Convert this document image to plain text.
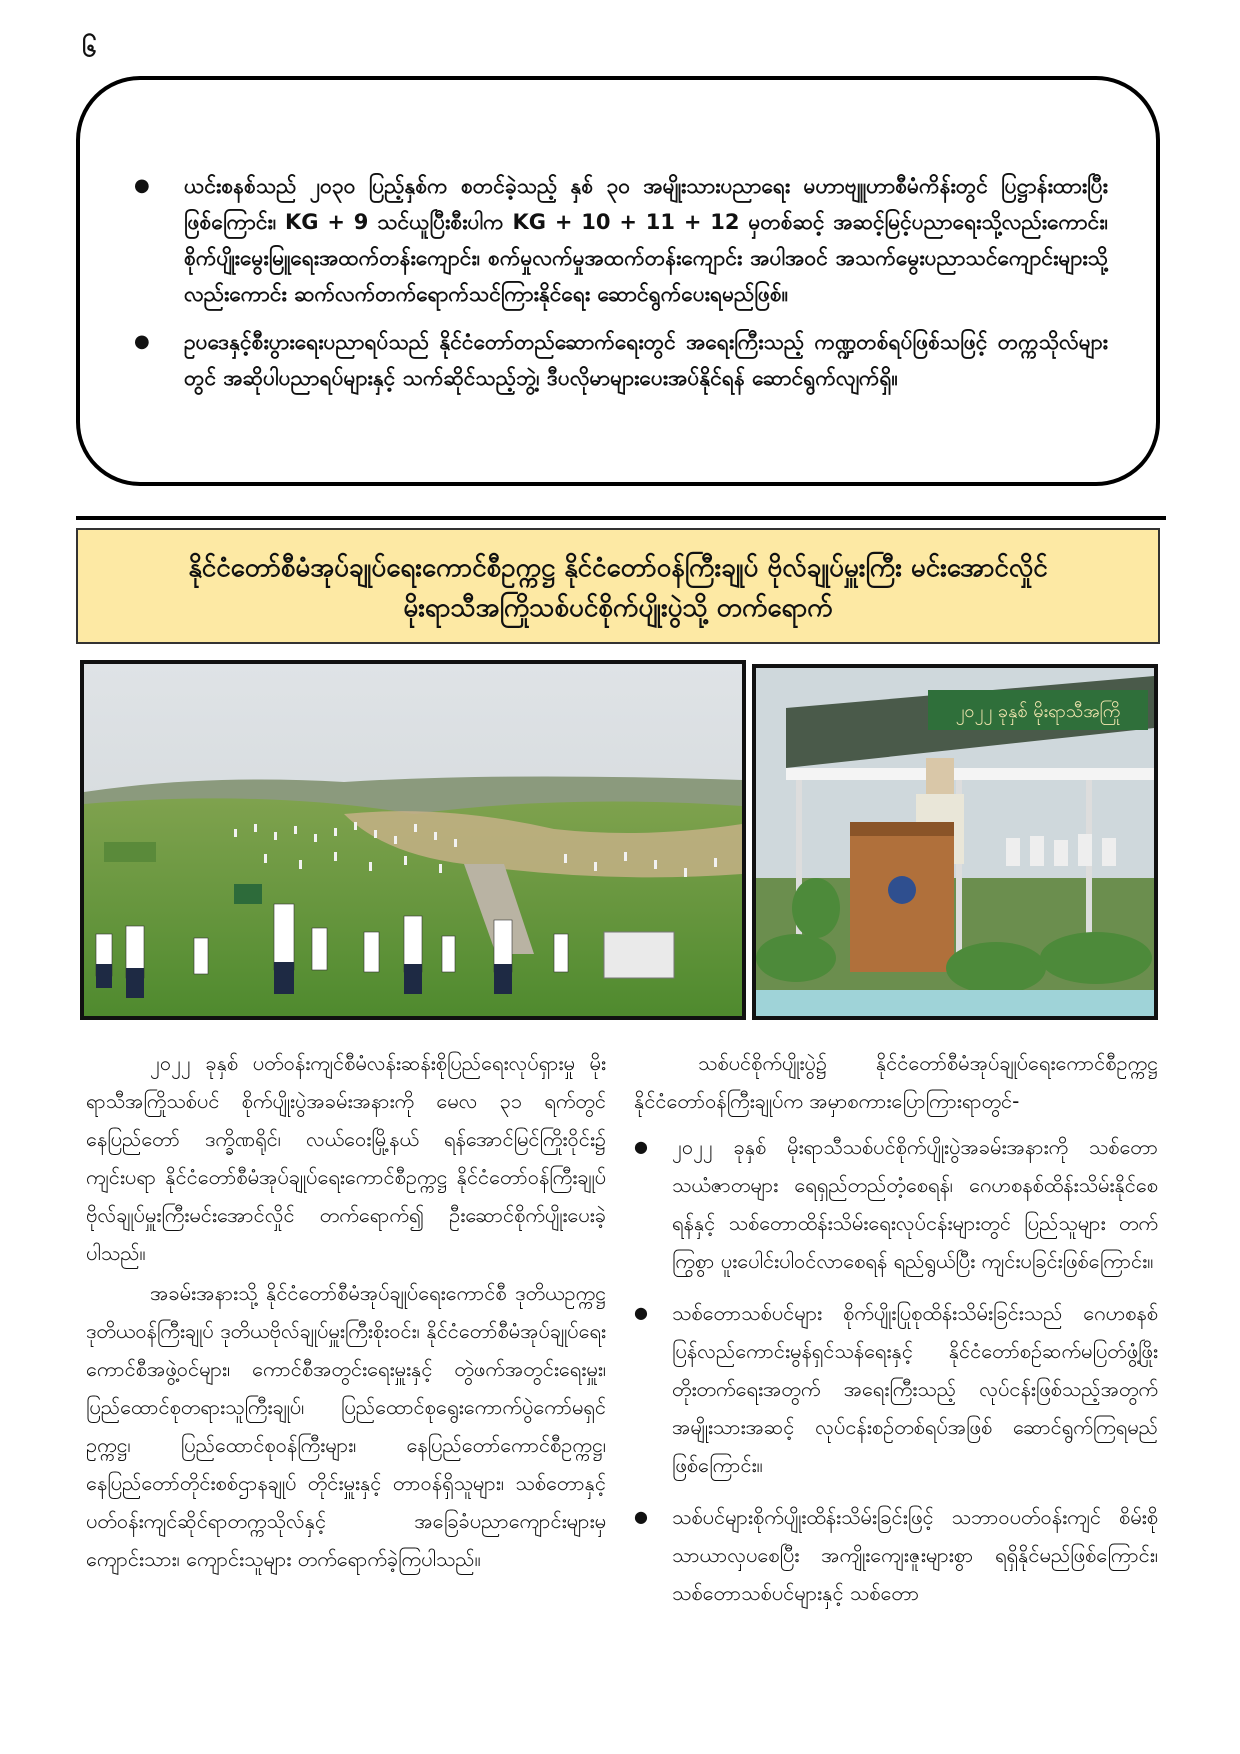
၆
● ယင်းစနစ်သည် ၂၀၃၀ ပြည့်နှစ်က စတင်ခဲ့သည့် နှစ် ၃၀ အမျိုးသားပညာရေး မဟာဗျူဟာစီမံကိန်းတွင် ပြဋ္ဌာန်းထားပြီးဖြစ်ကြောင်း၊ KG + 9 သင်ယူပြီးစီးပါက KG + 10 + 11 + 12 မှတစ်ဆင့် အဆင့်မြင့်ပညာရေးသို့လည်းကောင်း၊ စိုက်ပျိုးမွေးမြူရေးအထက်တန်းကျောင်း၊ စက်မှုလက်မှုအထက်တန်းကျောင်း အပါအဝင် အသက်မွေးပညာသင်ကျောင်းများသို့လည်းကောင်း ဆက်လက်တက်ရောက်သင်ကြားနိုင်ရေး ဆောင်ရွက်ပေးရမည်ဖြစ်။
● ဥပဒေနှင့်စီးပွားရေးပညာရပ်သည် နိုင်ငံတော်တည်ဆောက်ရေးတွင် အရေးကြီးသည့် ကဏ္ဍတစ်ရပ်ဖြစ်သဖြင့် တက္ကသိုလ်များတွင် အဆိုပါပညာရပ်များနှင့် သက်ဆိုင်သည့်ဘွဲ့၊ ဒီပလိုမာများပေးအပ်နိုင်ရန် ဆောင်ရွက်လျက်ရှိ။
နိုင်ငံတော်စီမံအုပ်ချုပ်ရေးကောင်စီဥက္ကဋ္ဌ နိုင်ငံတော်ဝန်ကြီးချုပ် ဗိုလ်ချုပ်မှူးကြီး မင်းအောင်လှိုင်
မိုးရာသီအကြိုသစ်ပင်စိုက်ပျိုးပွဲသို့ တက်ရောက်
၂၀၂၂ ခုနှစ် မိုးရာသီအကြို

၂၀၂၂ ခုနှစ် ပတ်ဝန်းကျင်စီမံလန်းဆန်းစိုပြည်ရေးလုပ်ရှားမှု မိုးရာသီအကြိုသစ်ပင် စိုက်ပျိုးပွဲအခမ်းအနားကို မေလ ၃၁ ရက်တွင် နေပြည်တော် ဒက္ခိဏရိုင်၊ လယ်ဝေးမြို့နယ် ရန်အောင်မြင်ကြိုးဝိုင်း၌ ကျင်းပရာ နိုင်ငံတော်စီမံအုပ်ချုပ်ရေးကောင်စီဥက္ကဋ္ဌ နိုင်ငံတော်ဝန်ကြီးချုပ် ဗိုလ်ချုပ်မှူးကြီးမင်းအောင်လှိုင် တက်ရောက်၍ ဦးဆောင်စိုက်ပျိုးပေးခဲ့ပါသည်။

အခမ်းအနားသို့ နိုင်ငံတော်စီမံအုပ်ချုပ်ရေးကောင်စီ ဒုတိယဥက္ကဋ္ဌ ဒုတိယဝန်ကြီးချုပ် ဒုတိယဗိုလ်ချုပ်မှူးကြီးစိုးဝင်း၊ နိုင်ငံတော်စီမံအုပ်ချုပ်ရေးကောင်စီအဖွဲ့ဝင်များ၊ ကောင်စီအတွင်းရေးမှူးနှင့် တွဲဖက်အတွင်းရေးမှူး၊ ပြည်ထောင်စုတရားသူကြီးချုပ်၊ ပြည်ထောင်စုရွေးကောက်ပွဲကော်မရှင်ဥက္ကဋ္ဌ၊ ပြည်ထောင်စုဝန်ကြီးများ၊ နေပြည်တော်ကောင်စီဥက္ကဋ္ဌ၊ နေပြည်တော်တိုင်းစစ်ဌာနချုပ် တိုင်းမှူးနှင့် တာဝန်ရှိသူများ၊ သစ်တောနှင့် ပတ်ဝန်းကျင်ဆိုင်ရာတက္ကသိုလ်နှင့် အခြေခံပညာကျောင်းများမှ ကျောင်းသား၊ ကျောင်းသူများ တက်ရောက်ခဲ့ကြပါသည်။

သစ်ပင်စိုက်ပျိုးပွဲ၌ နိုင်ငံတော်စီမံအုပ်ချုပ်ရေးကောင်စီဥက္ကဋ္ဌ နိုင်ငံတော်ဝန်ကြီးချုပ်က အမှာစကားပြောကြားရာတွင်-

● ၂၀၂၂ ခုနှစ် မိုးရာသီသစ်ပင်စိုက်ပျိုးပွဲအခမ်းအနားကို သစ်တောသယံဇာတများ ရေရှည်တည်တံ့စေရန်၊ ဂေဟစနစ်ထိန်းသိမ်းနိုင်စေရန်နှင့် သစ်တောထိန်းသိမ်းရေးလုပ်ငန်းများတွင် ပြည်သူများ တက်ကြွစွာ ပူးပေါင်းပါဝင်လာစေရန် ရည်ရွယ်ပြီး ကျင်းပခြင်းဖြစ်ကြောင်း။
● သစ်တောသစ်ပင်များ စိုက်ပျိုးပြုစုထိန်းသိမ်းခြင်းသည် ဂေဟစနစ် ပြန်လည်ကောင်းမွန်ရှင်သန်ရေးနှင့် နိုင်ငံတော်စဉ်ဆက်မပြတ်ဖွံ့ဖြိုးတိုးတက်ရေးအတွက် အရေးကြီးသည့် လုပ်ငန်းဖြစ်သည့်အတွက် အမျိုးသားအဆင့် လုပ်ငန်းစဉ်တစ်ရပ်အဖြစ် ဆောင်ရွက်ကြရမည်ဖြစ်ကြောင်း။
● သစ်ပင်များစိုက်ပျိုးထိန်းသိမ်းခြင်းဖြင့် သဘာဝပတ်ဝန်းကျင် စိမ်းစိုသာယာလှပစေပြီး အကျိုးကျေးဇူးများစွာ ရရှိနိုင်မည်ဖြစ်ကြောင်း၊ သစ်တောသစ်ပင်များနှင့် သစ်တော
